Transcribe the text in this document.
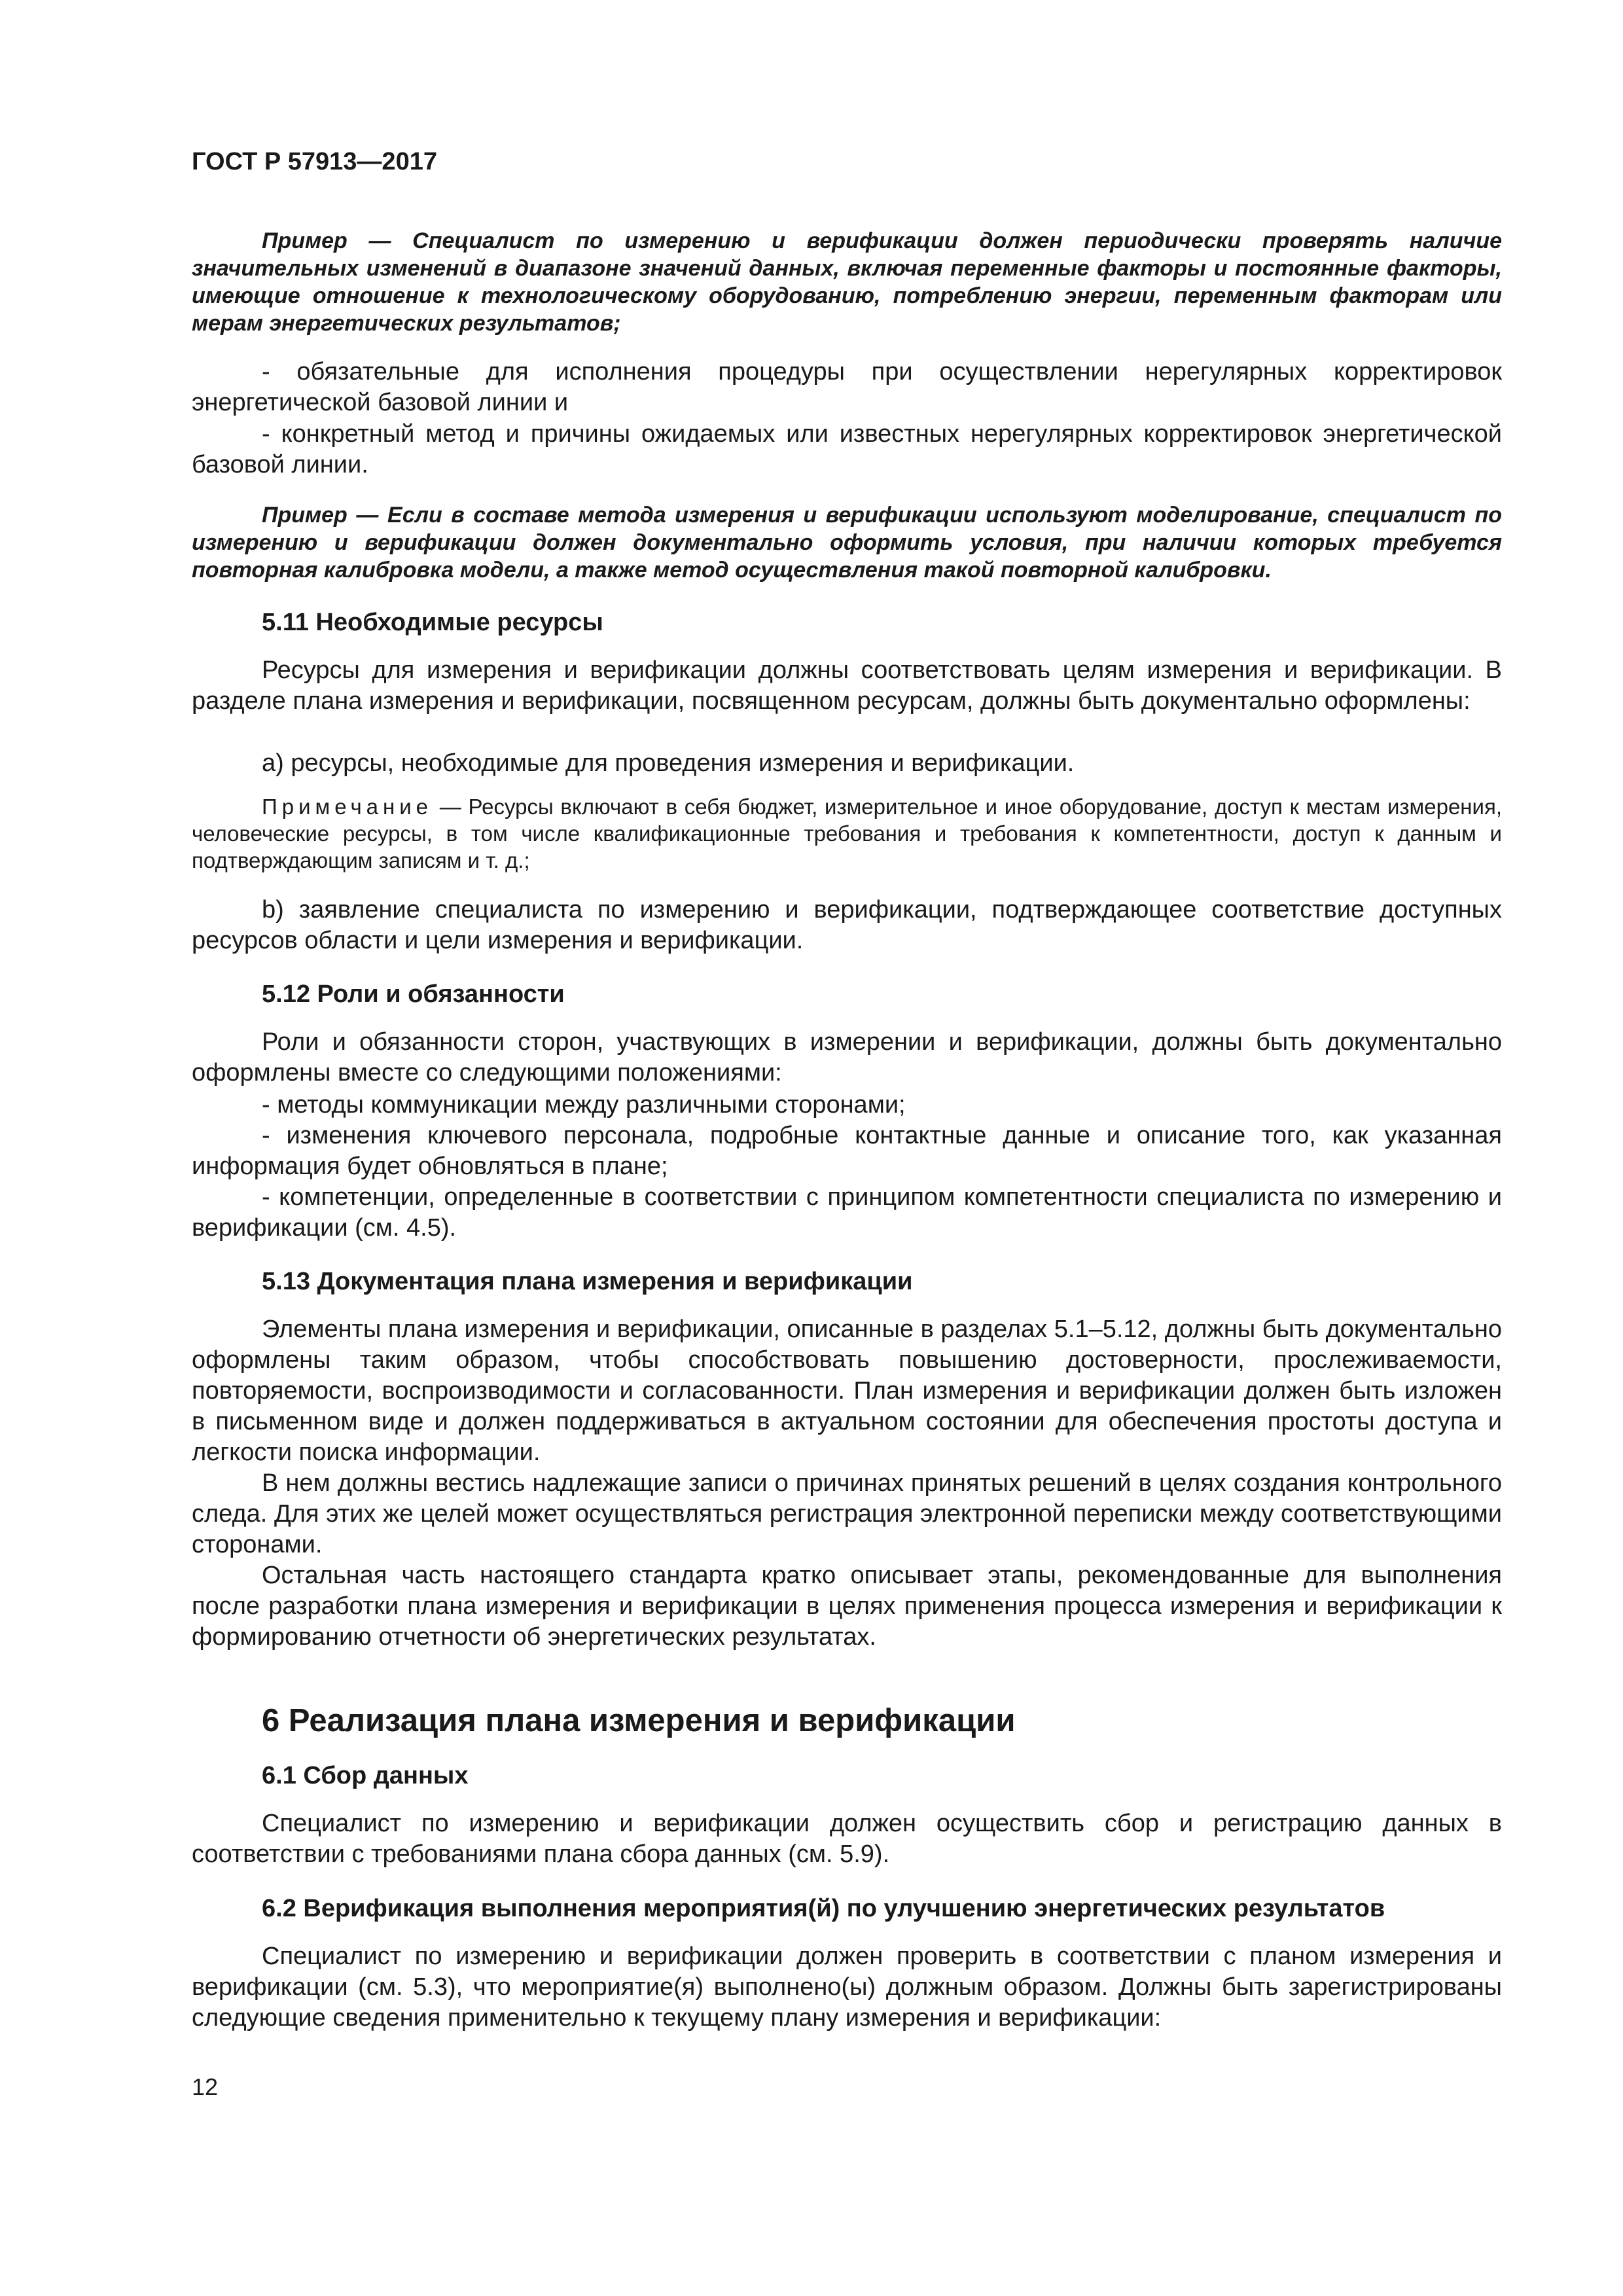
ГОСТ Р 57913—2017

Пример — Специалист по измерению и верификации должен периодически проверять наличие значительных изменений в диапазоне значений данных, включая переменные факторы и постоянные факторы, имеющие отношение к технологическому оборудованию, потреблению энергии, переменным факторам или мерам энергетических результатов;

- обязательные для исполнения процедуры при осуществлении нерегулярных корректировок энергетической базовой линии и

- конкретный метод и причины ожидаемых или известных нерегулярных корректировок энергетической базовой линии.

Пример — Если в составе метода измерения и верификации используют моделирование, специалист по измерению и верификации должен документально оформить условия, при наличии которых требуется повторная калибровка модели, а также метод осуществления такой повторной калибровки.

5.11 Необходимые ресурсы

Ресурсы для измерения и верификации должны соответствовать целям измерения и верификации. В разделе плана измерения и верификации, посвященном ресурсам, должны быть документально оформлены:

a) ресурсы, необходимые для проведения измерения и верификации.

Примечание — Ресурсы включают в себя бюджет, измерительное и иное оборудование, доступ к местам измерения, человеческие ресурсы, в том числе квалификационные требования и требования к компетентности, доступ к данным и подтверждающим записям и т. д.;

b) заявление специалиста по измерению и верификации, подтверждающее соответствие доступных ресурсов области и цели измерения и верификации.

5.12 Роли и обязанности

Роли и обязанности сторон, участвующих в измерении и верификации, должны быть документально оформлены вместе со следующими положениями:

- методы коммуникации между различными сторонами;

- изменения ключевого персонала, подробные контактные данные и описание того, как указанная информация будет обновляться в плане;

- компетенции, определенные в соответствии с принципом компетентности специалиста по измерению и верификации (см. 4.5).

5.13 Документация плана измерения и верификации

Элементы плана измерения и верификации, описанные в разделах 5.1–5.12, должны быть документально оформлены таким образом, чтобы способствовать повышению достоверности, прослеживаемости, повторяемости, воспроизводимости и согласованности. План измерения и верификации должен быть изложен в письменном виде и должен поддерживаться в актуальном состоянии для обеспечения простоты доступа и легкости поиска информации.

В нем должны вестись надлежащие записи о причинах принятых решений в целях создания контрольного следа. Для этих же целей может осуществляться регистрация электронной переписки между соответствующими сторонами.

Остальная часть настоящего стандарта кратко описывает этапы, рекомендованные для выполнения после разработки плана измерения и верификации в целях применения процесса измерения и верификации к формированию отчетности об энергетических результатах.

6 Реализация плана измерения и верификации
6.1 Сбор данных

Специалист по измерению и верификации должен осуществить сбор и регистрацию данных в соответствии с требованиями плана сбора данных (см. 5.9).

6.2 Верификация выполнения мероприятия(й) по улучшению энергетических результатов

Специалист по измерению и верификации должен проверить в соответствии с планом измерения и верификации (см. 5.3), что мероприятие(я) выполнено(ы) должным образом. Должны быть зарегистрированы следующие сведения применительно к текущему плану измерения и верификации:

12
